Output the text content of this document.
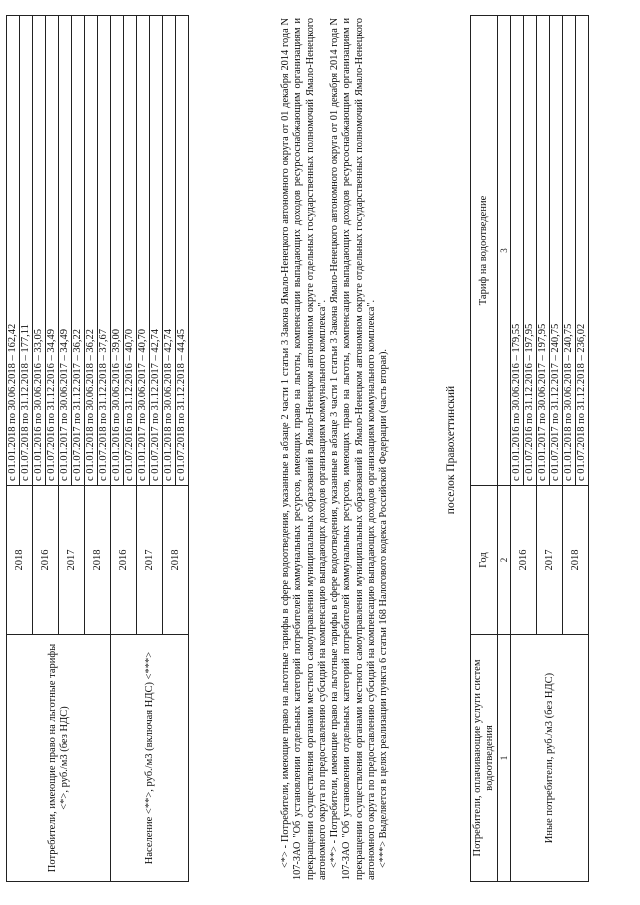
Потребители, имеющие право на льготные тарифы <*>, руб./м3 (без НДС)	2018	с 01.01.2018 по 30.06.2018 – 162,42
		с 01.07.2018 по 31.12.2018 – 177,11
	2016	с 01.01.2016 по 30.06.2016 – 33,05
		с 01.07.2016 по 31.12.2016 – 34,49
	2017	с 01.01.2017 по 30.06.2017 – 34,49
		с 01.07.2017 по 31.12.2017 – 36,22
	2018	с 01.01.2018 по 30.06.2018 – 36,22
		с 01.07.2018 по 31.12.2018 – 37,67
Население <**>, руб./м3 (включая НДС) <***>	2016	с 01.01.2016 по 30.06.2016 – 39,00
		с 01.07.2016 по 31.12.2016 – 40,70
	2017	с 01.01.2017 по 30.06.2017 – 40,70
		с 01.07.2017 по 31.12.2017 – 42,74
	2018	с 01.01.2018 по 30.06.2018 – 42,74
		с 01.07.2018 по 31.12.2018 – 44,45	<*> - Потребители, имеющие право на льготные тарифы в сфере водоотведения, указанные в абзаце 2 части 1 статьи 3 Закона Ямало-Ненецкого автономного округа от 01 декабря 2014 года N 107-ЗАО "Об установлении отдельных категорий потребителей коммунальных ресурсов, имеющих право на льготы, компенсации выпадающих доходов ресурсоснабжающим организациям и прекращении осуществления органами местного самоуправления муниципальных образований в Ямало-Ненецком автономном округе отдельных государственных полномочий Ямало-Ненецкого автономного округа по предоставлению субсидий на компенсацию выпадающих доходов организациям коммунального комплекса". <**> - Потребители, имеющие право на льготные тарифы в сфере водоотведения, указанные в абзаце 3 части 1 статьи 3 Закона Ямало-Ненецкого автономного округа от 01 декабря 2014 года N 107-ЗАО "Об установлении отдельных категорий потребителей коммунальных ресурсов, имеющих право на льготы, компенсации выпадающих доходов ресурсоснабжающим организациям и прекращении осуществления органами местного самоуправления муниципальных образований в Ямало-Ненецком автономном округе отдельных государственных полномочий Ямало-Ненецкого автономного округа по предоставлению субсидий на компенсацию выпадающих доходов организациям коммунального комплекса". <***> Выделяется в целях реализации пункта 6 статьи 168 Налогового кодекса Российской Федерации (часть вторая).	поселок Правохеттинский
Потребители, оплачивающие услуги систем водоотведения	Год	Тариф на водоотведение
1	2	3
Иные потребители, руб./м3 (без НДС)	2016	с 01.01.2016 по 30.06.2016 – 179,55
		с 01.07.2016 по 31.12.2016 – 197,95
	2017	с 01.01.2017 по 30.06.2017 – 197,95
		с 01.07.2017 по 31.12.2017 – 240,75
	2018	с 01.01.2018 по 30.06.2018 – 240,75
		с 01.07.2018 по 31.12.2018 – 236,02
